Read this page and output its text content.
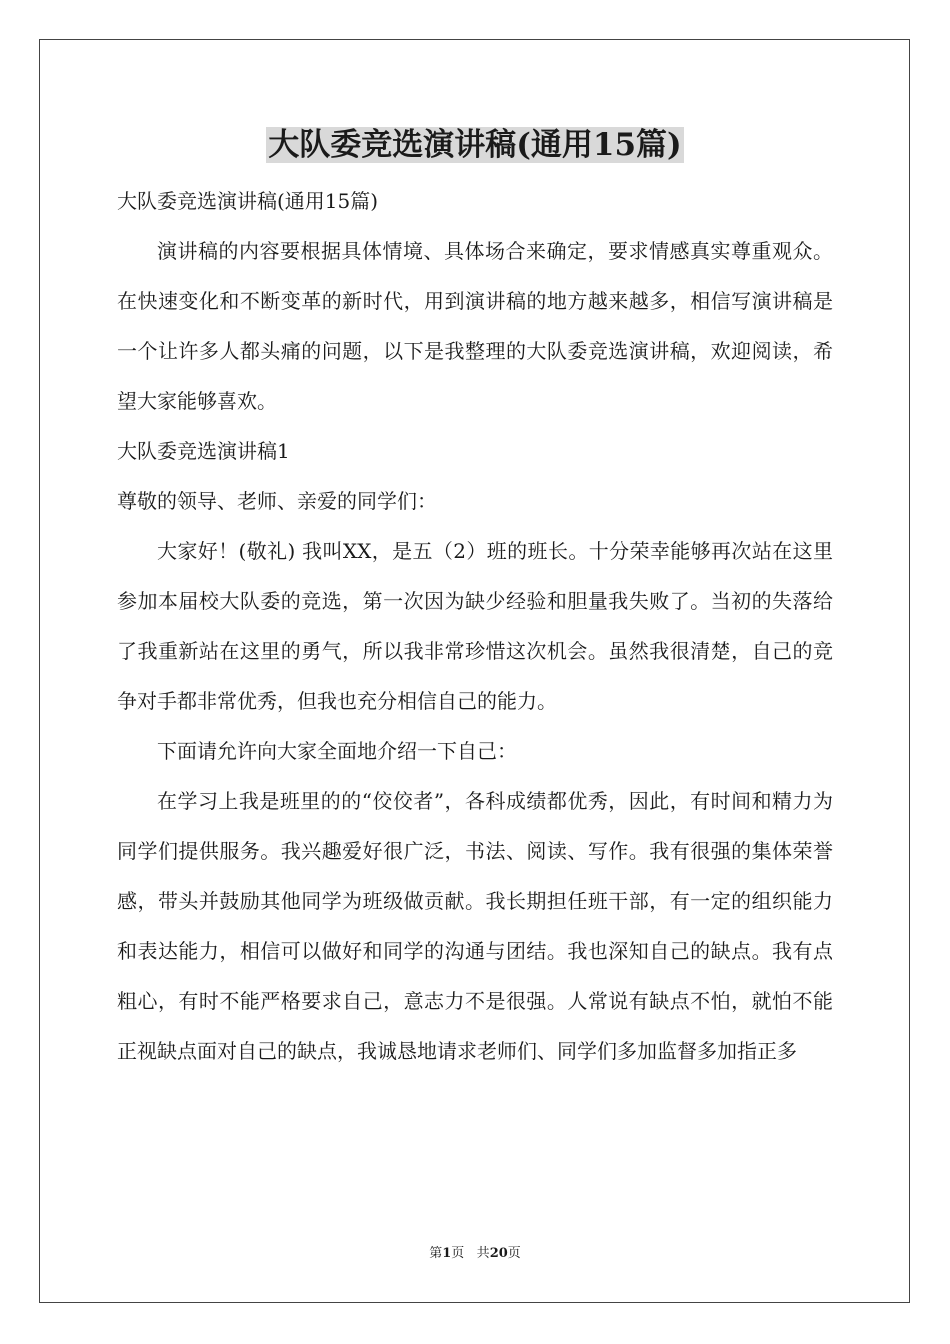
大队委竞选演讲稿(通用15篇)

大队委竞选演讲稿(通用15篇)

演讲稿的内容要根据具体情境、具体场合来确定，要求情感真实尊重观众。在快速变化和不断变革的新时代，用到演讲稿的地方越来越多，相信写演讲稿是一个让许多人都头痛的问题，以下是我整理的大队委竞选演讲稿，欢迎阅读，希望大家能够喜欢。

大队委竞选演讲稿1

尊敬的领导、老师、亲爱的同学们：

大家好！(敬礼) 我叫XX，是五（2）班的班长。十分荣幸能够再次站在这里参加本届校大队委的竞选，第一次因为缺少经验和胆量我失败了。当初的失落给了我重新站在这里的勇气，所以我非常珍惜这次机会。虽然我很清楚，自己的竞争对手都非常优秀，但我也充分相信自己的能力。

下面请允许向大家全面地介绍一下自己：

在学习上我是班里的的“佼佼者”，各科成绩都优秀，因此，有时间和精力为同学们提供服务。我兴趣爱好很广泛，书法、阅读、写作。我有很强的集体荣誉感，带头并鼓励其他同学为班级做贡献。我长期担任班干部，有一定的组织能力和表达能力，相信可以做好和同学的沟通与团结。我也深知自己的缺点。我有点粗心，有时不能严格要求自己，意志力不是很强。人常说有缺点不怕，就怕不能正视缺点面对自己的缺点，我诚恳地请求老师们、同学们多加监督多加指正多

第1页 共20页
